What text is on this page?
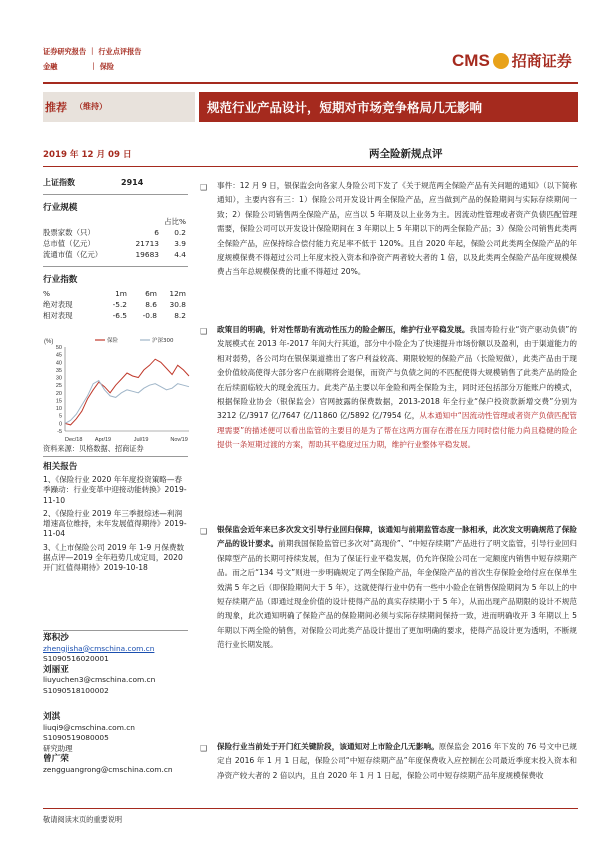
证券研究报告 ｜ 行业点评报告
金融	｜ 保险	CMS 招商证券
推荐 （维持）	规范行业产品设计，短期对市场竞争格局几无影响
2019 年 12 月 09 日	两全险新规点评
上证指数	2914
行业规模
占比%
股票家数（只）	6	0.2
总市值（亿元）	21713	3.9
流通市值（亿元）	19683	4.4
行业指数
%	1m	6m	12m
绝对表现	-5.2	8.6	30.8
相对表现	-6.5	-0.8	8.2
(%)
50
45
40
35
30
25
20
15
10
5
0
-5
Dec/18 Apr/19	Jul/19	Nov/19
保险	沪深300
资料来源：贝格数据、招商证券
相关报告
1、《保险行业 2020 年年度投资策略—春季躁动：行业变革中迎接动能转换》2019-11-10
2、《保险行业 2019 年三季报综述—利润增速高位维持，未年发展值得期待》2019-11-04
3、《上市保险公司 2019 年 1-9 月保费数据点评—2019 全年趋势几成定局，2020 开门红值得期待》2019-10-18
郑积沙
zhengjisha@cmschina.com.cn
S1090516020001
刘丽亚
liuyuchen3@cmschina.com.cn
S1090518100002
刘淇
liuqi9@cmschina.com.cn
S1090519080005
研究助理
曾广荣
zengguangrong@cmschina.com.cn
❑ 事件：12 月 9 日，银保监会向各家人身险公司下发了《关于规范两全保险产品有关问题的通知》（以下简称通知），主要内容有三：1）保险公司开发设计两全保险产品，应当做到产品的保险期间与实际存续期间一致；2）保险公司销售两全保险产品，应当以 5 年期及以上业务为主。因流动性管理或者资产负债匹配管理需要，保险公司可以开发设计保险期间在 3 年期以上 5 年期以下的两全保险产品；3）保险公司销售此类两全保险产品，应保持综合偿付能力充足率不低于 120%。且自 2020 年起，保险公司此类两全保险产品的年度规模保费不得超过公司上年度末投入资本和净资产两者较大者的 1 倍，以及此类两全保险产品年度规模保费占当年总规模保费的比重不得超过 20%。
❑ 政策目的明确，针对性帮助有流动性压力的险企解压，维护行业平稳发展。我国寿险行业“资产驱动负债”的发展模式在 2013 年-2017 年间大行其道，部分中小险企为了快速提升市场份额以及盈利，由于渠道能力的相对弱势，各公司均在银保渠道推出了客户利益较高、期限较短的保险产品（长险短做），此类产品由于现金价值较高使得大部分客户在前期将会退保，而资产与负债之间的不匹配使得大规模销售了此类产品的险企在后续面临较大的现金流压力。此类产品主要以年金险和两全保险为主，同时还包括部分万能账户的模式，根据保险业协会（银保监会）官网披露的保费数据，2013-2018 年全行业“保户投资款新增交费”分别为 3212 亿/3917 亿/7647 亿/11860 亿/5892 亿/7954 亿，从本通知中“因流动性管理或者资产负债匹配管理需要”的描述便可以看出监管的主要目的是为了帮在这两方面存在潜在压力同时偿付能力尚且稳健的险企提供一条短期过渡的方案，帮助其平稳度过压力期，维护行业整体平稳发展。
❑ 银保监会近年来已多次发文引导行业回归保障，该通知与前期监管态度一脉相承，此次发文明确规范了保险产品的设计要求。前期我国保险监管已多次对“高现价”、“中短存续期”产品进行了明文监管，引导行业回归保障型产品的长期可持续发展，但为了保证行业平稳发展，仍允许保险公司在一定额度内销售中短存续期产品。而之后“134 号文”则进一步明确规定了两全保险产品，年金保险产品的首次生存保险金给付应在保单生效满 5 年之后（即保险期间大于 5 年），这就使得行业中仍有一些中小险企在销售保险期间为 5 年以上的中短存续期产品（即通过现金价值的设计使得产品的真实存续期小于 5 年），从而出现产品期限的设计不规范的现象，此次通知明确了保险产品的保险期间必须与实际存续期间保持一致，进而明确收开 3 年期以上 5 年期以下两全险的销售，对保险公司此类产品设计提出了更加明确的要求，使得产品设计更为透明，不断规范行业长期发展。
❑ 保险行业当前处于开门红关键阶段，该通知对上市险企几无影响。原保监会 2016 年下发的 76 号文中已规定自 2016 年 1 月 1 日起，保险公司“中短存续期产品”年度保费收入应控制在公司最近季度末投入资本和净资产较大者的 2 倍以内，且自 2020 年 1 月 1 日起，保险公司中短存续期产品年度规模保费收
敬请阅读末页的重要说明
